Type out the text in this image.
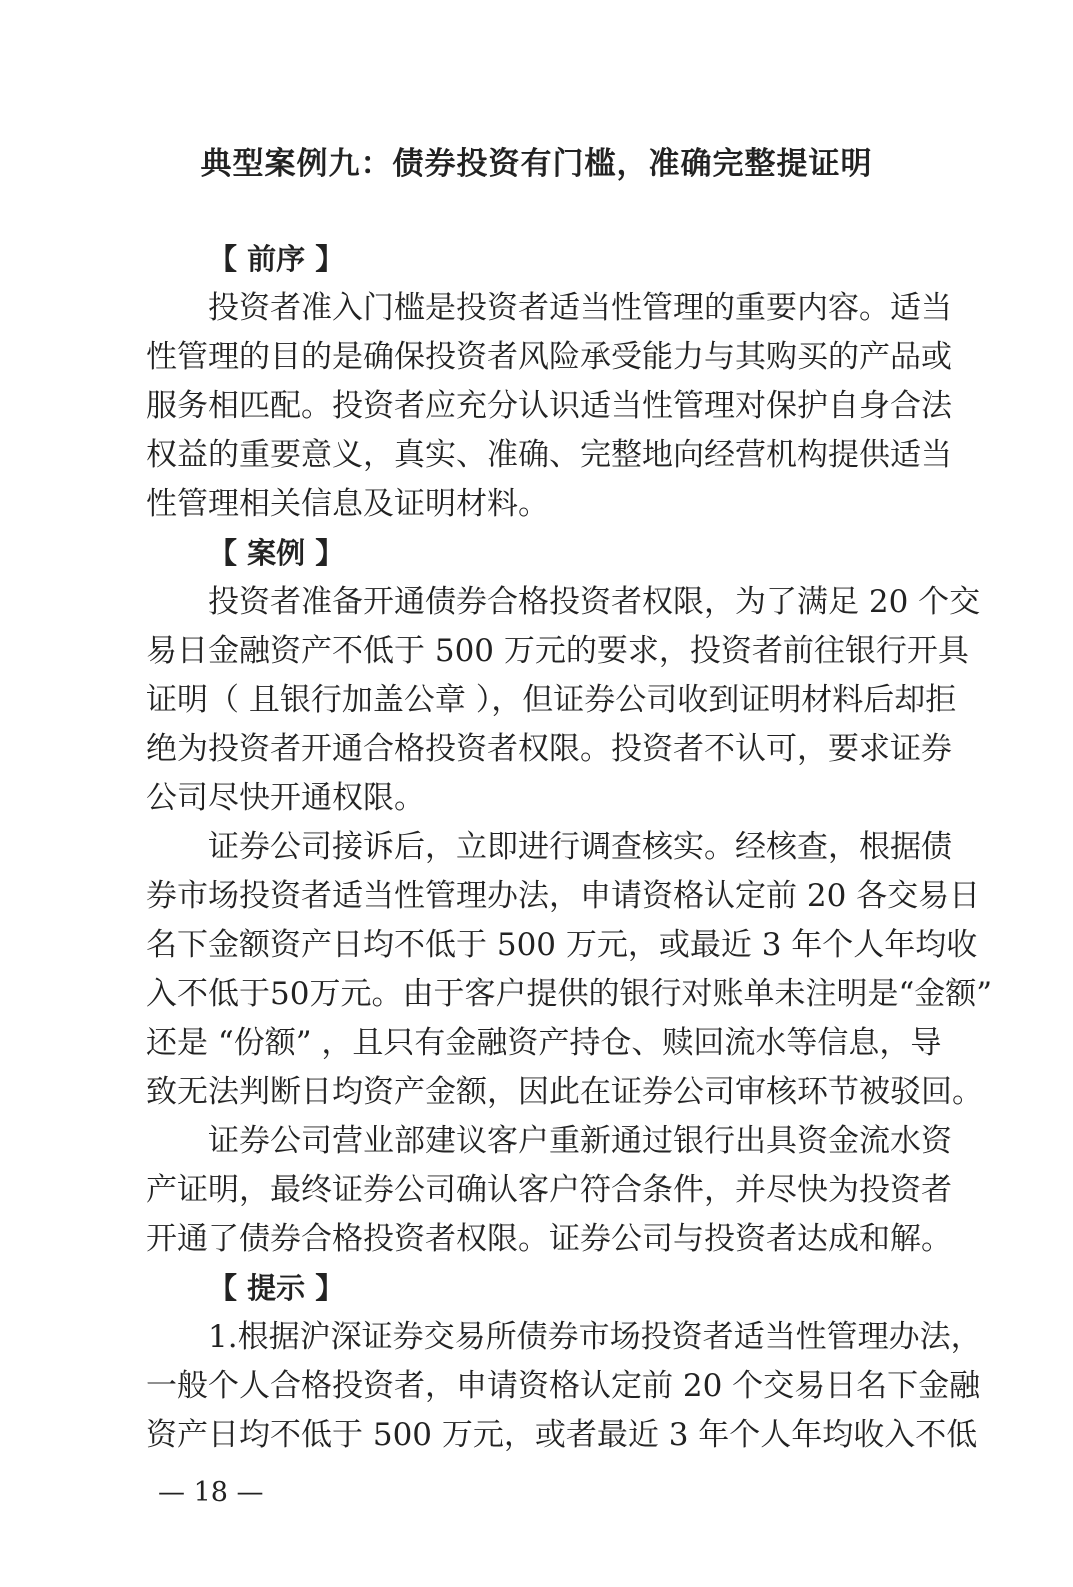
典型案例九：债券投资有门槛，准确完整提证明
【 前序 】
投资者准入门槛是投资者适当性管理的重要内容。适当
性管理的目的是确保投资者风险承受能力与其购买的产品或
服务相匹配。投资者应充分认识适当性管理对保护自身合法
权益的重要意义，真实、准确、完整地向经营机构提供适当
性管理相关信息及证明材料。
【 案例 】
投资者准备开通债券合格投资者权限，为了满足 20 个交
易日金融资产不低于 500 万元的要求，投资者前往银行开具
证明（ 且银行加盖公章 ），但证券公司收到证明材料后却拒
绝为投资者开通合格投资者权限。投资者不认可，要求证券
公司尽快开通权限。
证券公司接诉后，立即进行调查核实。经核查，根据债
券市场投资者适当性管理办法，申请资格认定前 20 各交易日
名下金额资产日均不低于 500 万元，或最近 3 年个人年均收
入不低于50万元。由于客户提供的银行对账单未注明是“金额”
还是 “份额” ，且只有金融资产持仓、赎回流水等信息，导
致无法判断日均资产金额，因此在证券公司审核环节被驳回。
证券公司营业部建议客户重新通过银行出具资金流水资
产证明，最终证券公司确认客户符合条件，并尽快为投资者
开通了债券合格投资者权限。证券公司与投资者达成和解。
【 提示 】
1.根据沪深证券交易所债券市场投资者适当性管理办法，
一般个人合格投资者，申请资格认定前 20 个交易日名下金融
资产日均不低于 500 万元，或者最近 3 年个人年均收入不低
— 18 —
